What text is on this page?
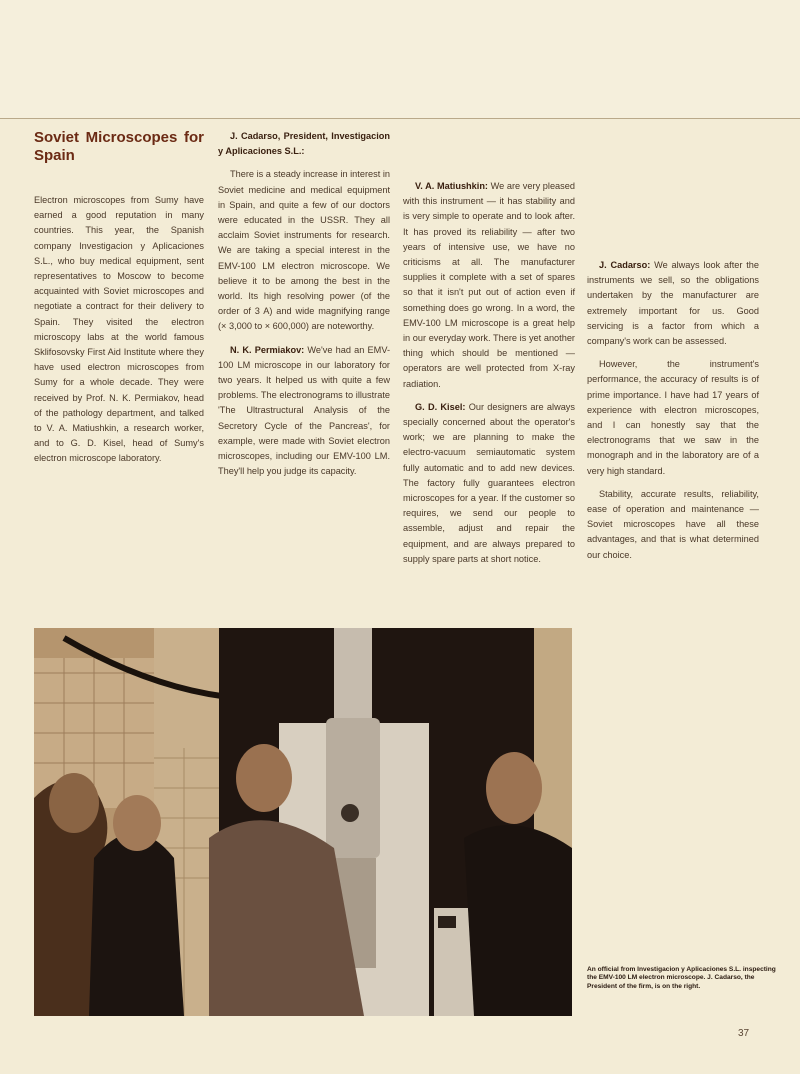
Soviet Microscopes for Spain

Electron microscopes from Sumy have earned a good reputation in many countries. This year, the Spanish company Investigacion y Aplicaciones S.L., who buy medical equipment, sent representatives to Moscow to become acquainted with Soviet microscopes and negotiate a contract for their delivery to Spain. They visited the electron microscopy labs at the world famous Sklifosovsky First Aid Institute where they have used electron microscopes from Sumy for a whole decade. They were received by Prof. N. K. Permiakov, head of the pathology department, and talked to V. A. Matiushkin, a research worker, and to G. D. Kisel, head of Sumy's electron microscope laboratory.

J. Cadarso, President, Investigacion y Aplicaciones S.L.:

There is a steady increase in interest in Soviet medicine and medical equipment in Spain, and quite a few of our doctors were educated in the USSR. They all acclaim Soviet instruments for research. We are taking a special interest in the EMV-100 LM electron microscope. We believe it to be among the best in the world. Its high resolving power (of the order of 3 A) and wide magnifying range (× 3,000 to × 600,000) are noteworthy.

N. K. Permiakov: We've had an EMV-100 LM microscope in our laboratory for two years. It helped us with quite a few problems. The electronograms to illustrate 'The Ultrastructural Analysis of the Secretory Cycle of the Pancreas', for example, were made with Soviet electron microscopes, including our EMV-100 LM. They'll help you judge its capacity.

V. A. Matiushkin: We are very pleased with this instrument — it has stability and is very simple to operate and to look after. It has proved its reliability — after two years of intensive use, we have no criticisms at all. The manufacturer supplies it complete with a set of spares so that it isn't put out of action even if something does go wrong. In a word, the EMV-100 LM microscope is a great help in our everyday work. There is yet another thing which should be mentioned — operators are well protected from X-ray radiation.

G. D. Kisel: Our designers are always specially concerned about the operator's work; we are planning to make the electro-vacuum semiautomatic system fully automatic and to add new devices. The factory fully guarantees electron microscopes for a year. If the customer so requires, we send our people to assemble, adjust and repair the equipment, and are always prepared to supply spare parts at short notice.

J. Cadarso: We always look after the instruments we sell, so the obligations undertaken by the manufacturer are extremely important for us. Good servicing is a factor from which a company's work can be assessed.

However, the instrument's performance, the accuracy of results is of prime importance. I have had 17 years of experience with electron microscopes, and I can honestly say that the electronograms that we saw in the monograph and in the laboratory are of a very high standard.

Stability, accurate results, reliability, ease of operation and maintenance — Soviet microscopes have all these advantages, and that is what determined our choice.

An official from Investigacion y Aplicaciones S.L. inspecting the EMV-100 LM electron microscope. J. Cadarso, the President of the firm, is on the right.
37
